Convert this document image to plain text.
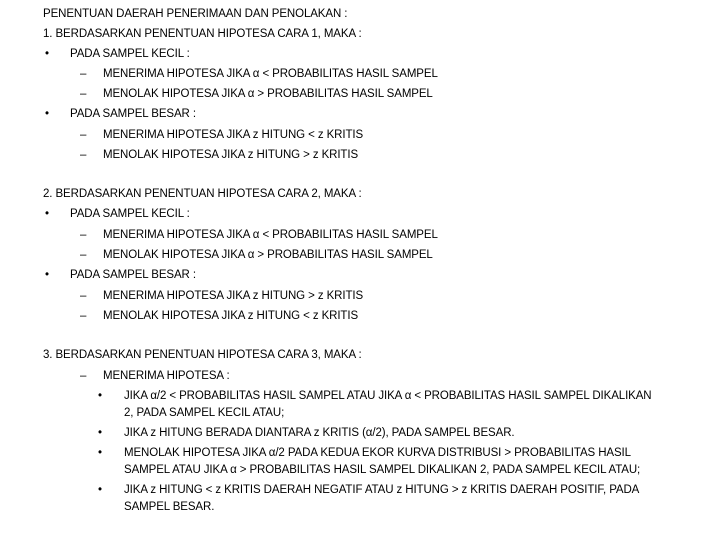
PENENTUAN DAERAH PENERIMAAN DAN PENOLAKAN :
1. BERDASARKAN PENENTUAN HIPOTESA CARA 1, MAKA :
• PADA SAMPEL KECIL :
– MENERIMA HIPOTESA JIKA α < PROBABILITAS HASIL SAMPEL
– MENOLAK HIPOTESA JIKA α > PROBABILITAS HASIL SAMPEL
• PADA SAMPEL BESAR :
– MENERIMA HIPOTESA JIKA z HITUNG < z KRITIS
– MENOLAK HIPOTESA JIKA z HITUNG > z KRITIS
2. BERDASARKAN PENENTUAN HIPOTESA CARA 2, MAKA :
• PADA SAMPEL KECIL :
– MENERIMA HIPOTESA JIKA α < PROBABILITAS HASIL SAMPEL
– MENOLAK HIPOTESA JIKA α > PROBABILITAS HASIL SAMPEL
• PADA SAMPEL BESAR :
– MENERIMA HIPOTESA JIKA z HITUNG > z KRITIS
– MENOLAK HIPOTESA JIKA z HITUNG < z KRITIS
3. BERDASARKAN PENENTUAN HIPOTESA CARA 3, MAKA :
– MENERIMA HIPOTESA :
• JIKA α/2 < PROBABILITAS HASIL SAMPEL ATAU JIKA α < PROBABILITAS HASIL SAMPEL DIKALIKAN
2, PADA SAMPEL KECIL ATAU;
• JIKA z HITUNG BERADA DIANTARA z KRITIS (α/2), PADA SAMPEL BESAR.
• MENOLAK HIPOTESA JIKA α/2 PADA KEDUA EKOR KURVA DISTRIBUSI > PROBABILITAS HASIL
SAMPEL ATAU JIKA α > PROBABILITAS HASIL SAMPEL DIKALIKAN 2, PADA SAMPEL KECIL ATAU;
• JIKA z HITUNG < z KRITIS DAERAH NEGATIF ATAU z HITUNG > z KRITIS DAERAH POSITIF, PADA
SAMPEL BESAR.
